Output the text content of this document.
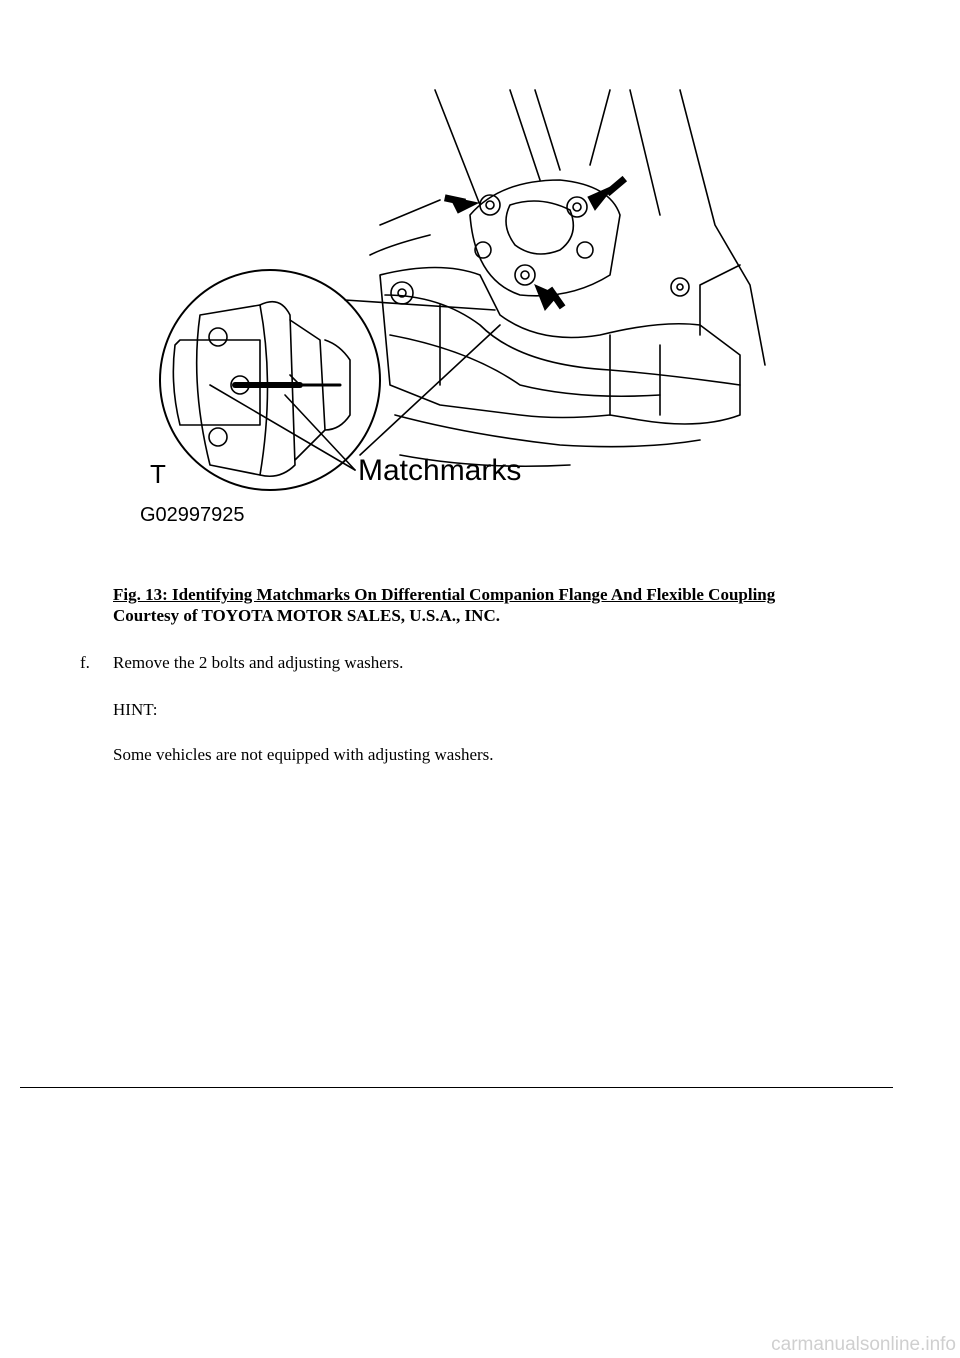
Matchmarks
T
G02997925
Fig. 13: Identifying Matchmarks On Differential Companion Flange And Flexible Coupling
Courtesy of TOYOTA MOTOR SALES, U.S.A., INC.
f. Remove the 2 bolts and adjusting washers.
HINT:
Some vehicles are not equipped with adjusting washers.
carmanualsonline.info
